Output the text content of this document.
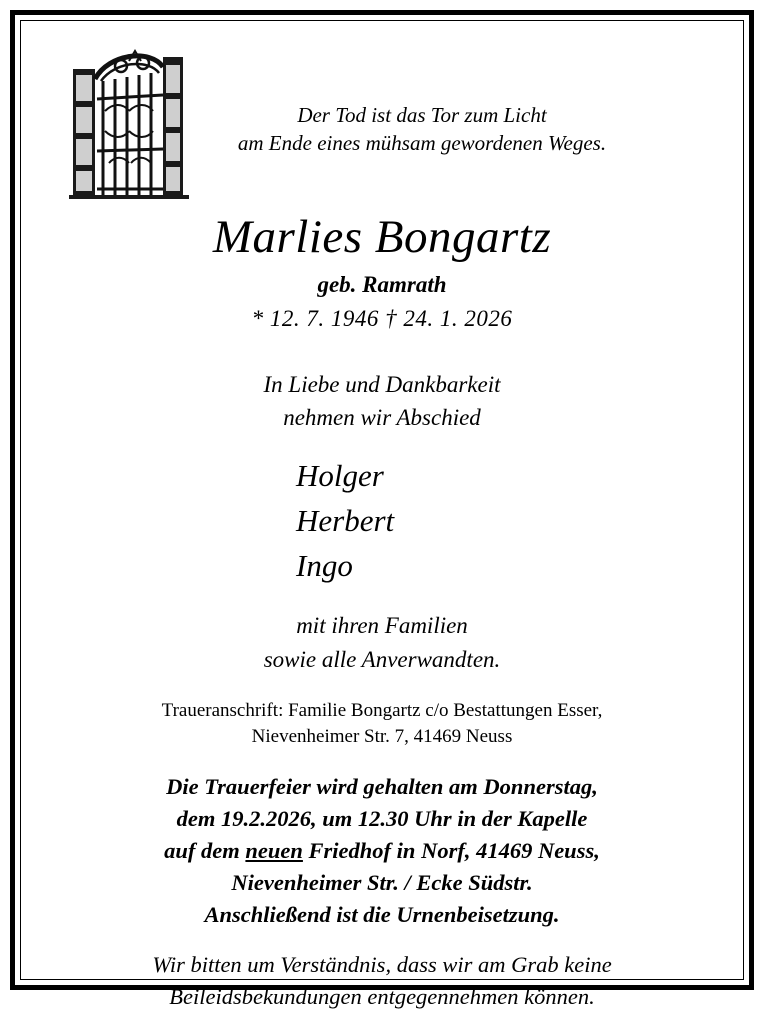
Der Tod ist das Tor zum Licht
am Ende eines mühsam gewordenen Weges.
Marlies Bongartz
geb. Ramrath
* 12. 7. 1946 † 24. 1. 2026
In Liebe und Dankbarkeit
nehmen wir Abschied
Holger
Herbert
Ingo
mit ihren Familien
sowie alle Anverwandten.
Traueranschrift: Familie Bongartz c/o Bestattungen Esser,
Nievenheimer Str. 7, 41469 Neuss
Die Trauerfeier wird gehalten am Donnerstag,
dem 19.2.2026, um 12.30 Uhr in der Kapelle
auf dem neuen Friedhof in Norf, 41469 Neuss,
Nievenheimer Str. / Ecke Südstr.
Anschließend ist die Urnenbeisetzung.
Wir bitten um Verständnis, dass wir am Grab keine
Beileidsbekundungen entgegennehmen können.
